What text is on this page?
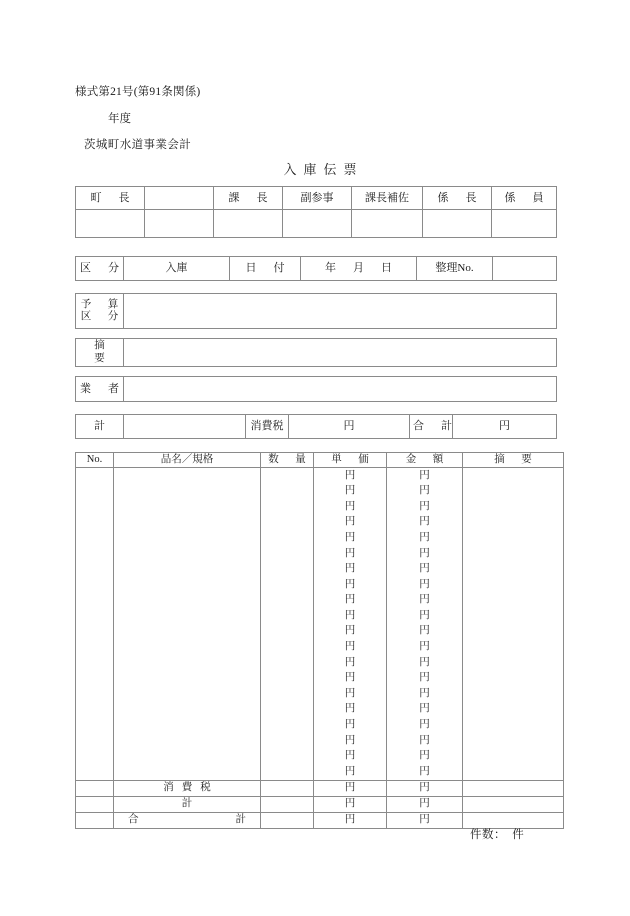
様式第21号(第91条関係)
年度
茨城町水道事業会計
入庫伝票
町　長		課　長	副参事	課長補佐	係　長	係　員

区　分	入庫	日　付	年　月　日	整理No.	
予　算
区　分

摘
要

業　者	
計		消費税	円	合　計	円
No.	品名／規格	数　量	単　価	金　額	摘　要
			円	円	
			円	円	
			円	円	
			円	円	
			円	円	
			円	円	
			円	円	
			円	円	
			円	円	
			円	円	
			円	円	
			円	円	
			円	円	
			円	円	
			円	円	
			円	円	
			円	円	
			円	円	
			円	円	
			円	円	
	消費税		円	円	
	計		円	円	

	合 計		円	円	
件数：　件
